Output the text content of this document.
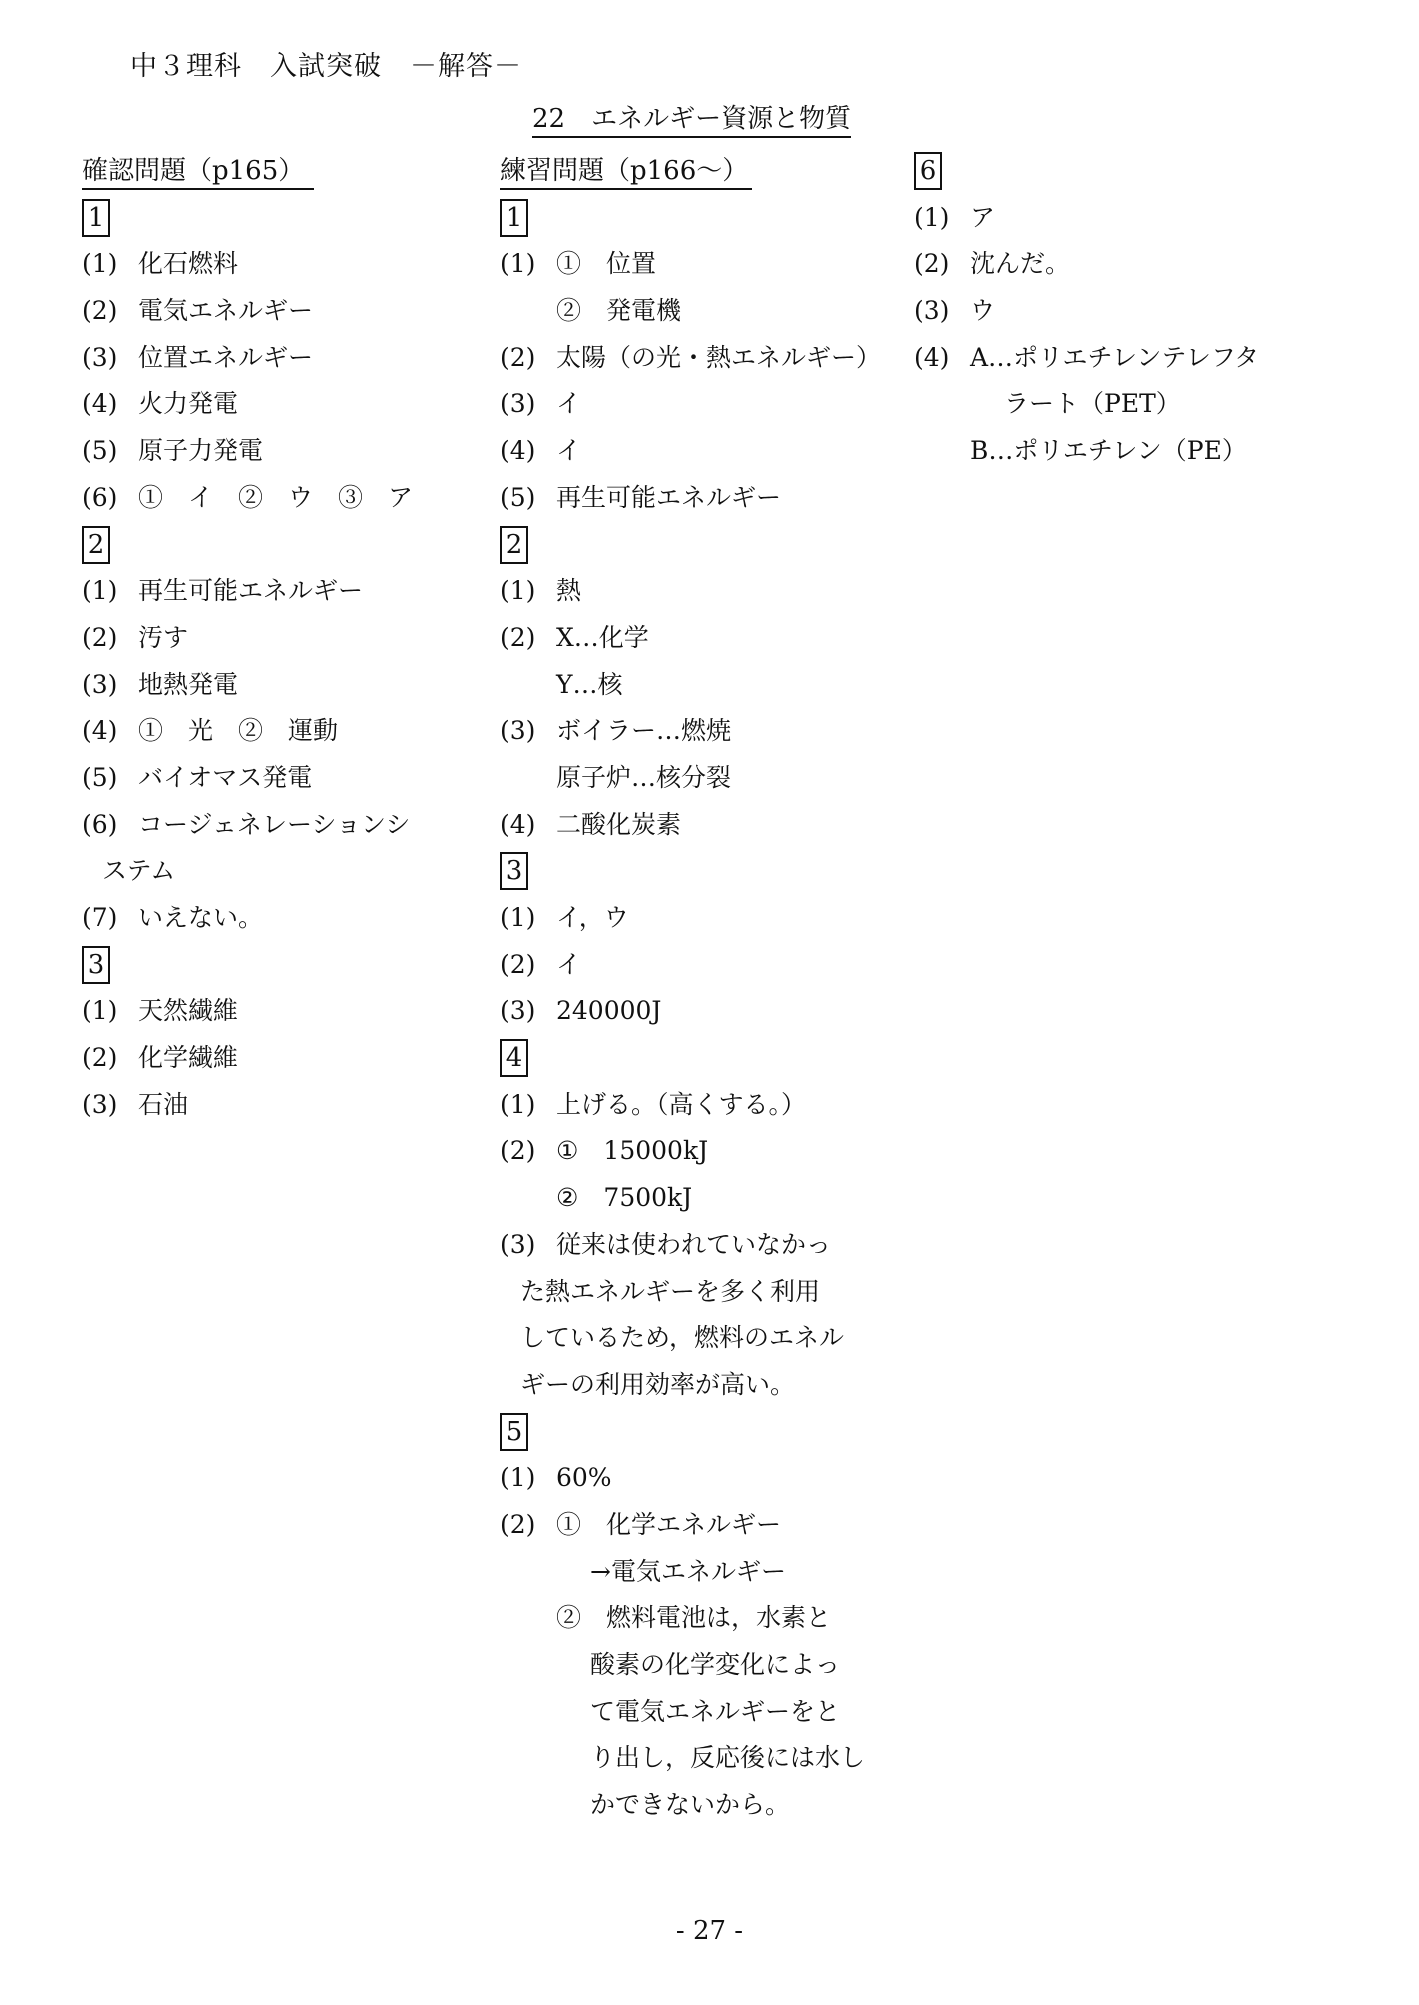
中３理科　入試突破　－解答－
22　エネルギー資源と物質
確認問題（p165）
1
(1) 化石燃料
(2) 電気エネルギー
(3) 位置エネルギー
(4) 火力発電
(5) 原子力発電
(6) ①　イ　②　ウ　③　ア
2
(1) 再生可能エネルギー
(2) 汚す
(3) 地熱発電
(4) ①　光　②　運動
(5) バイオマス発電
(6) コージェネレーションシ
ステム
(7) いえない。
3
(1) 天然繊維
(2) 化学繊維
(3) 石油
練習問題（p166～）
1
(1) ①　位置
②　発電機
(2) 太陽（の光・熱エネルギー）
(3) イ
(4) イ
(5) 再生可能エネルギー
2
(1) 熱
(2) X…化学
Y…核
(3) ボイラー…燃焼
原子炉…核分裂
(4) 二酸化炭素
3
(1) イ，ウ
(2) イ
(3) 240000J
4
(1) 上げる。（高くする。）
(2) ①　15000kJ
②　7500kJ
(3) 従来は使われていなかっ
た熱エネルギーを多く利用
しているため，燃料のエネル
ギーの利用効率が高い。
5
(1) 60%
(2) ①　化学エネルギー
→電気エネルギー
②　燃料電池は，水素と
酸素の化学変化によっ
て電気エネルギーをと
り出し，反応後には水し
かできないから。
6
(1) ア
(2) 沈んだ。
(3) ウ
(4) A…ポリエチレンテレフタ
ラート（PET）
B…ポリエチレン（PE）
- 27 -
